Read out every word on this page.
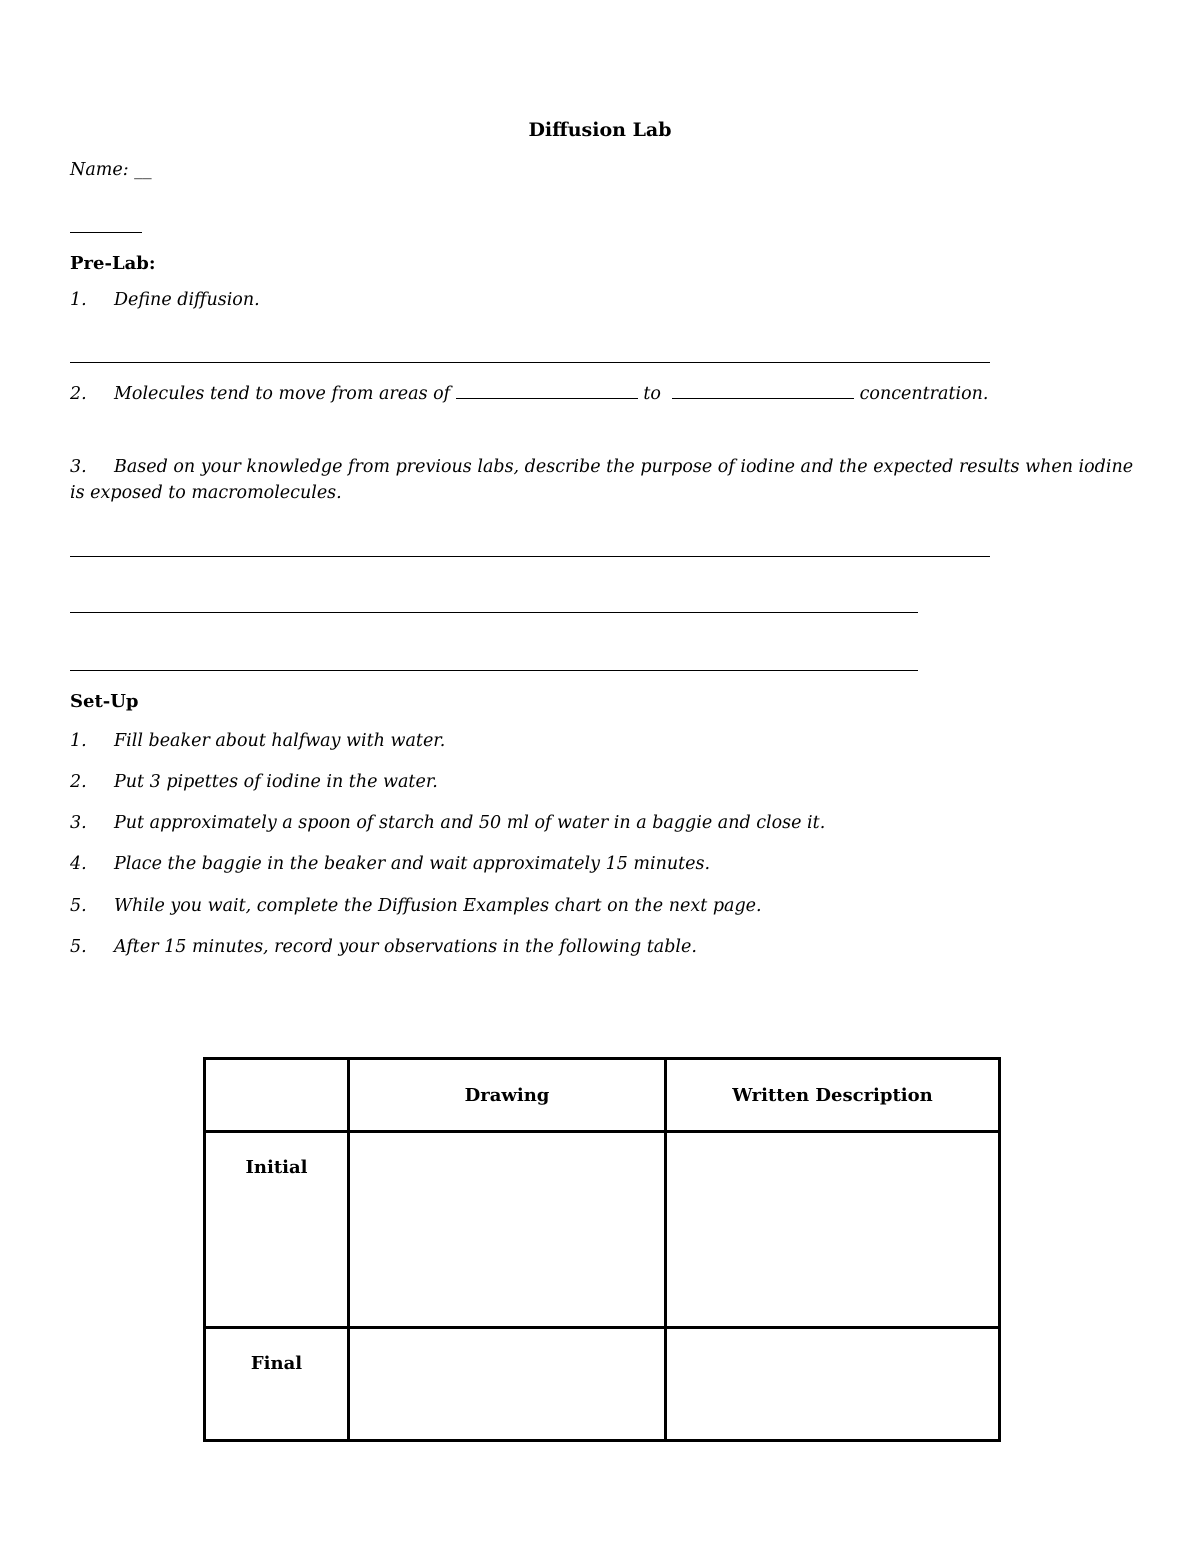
Diffusion Lab
Name: __
Pre-Lab:
1. Define diffusion.
2. Molecules tend to move from areas of	to	concentration.
3. Based on your knowledge from previous labs, describe the purpose of iodine and the expected results when iodine
is exposed to macromolecules.
Set-Up
1. Fill beaker about halfway with water.
2. Put 3 pipettes of iodine in the water.
3. Put approximately a spoon of starch and 50 ml of water in a baggie and close it.
4. Place the baggie in the beaker and wait approximately 15 minutes.
5. While you wait, complete the Diffusion Examples chart on the next page.
5. After 15 minutes, record your observations in the following table.
	Drawing	Written Description

Initial		

Final		
